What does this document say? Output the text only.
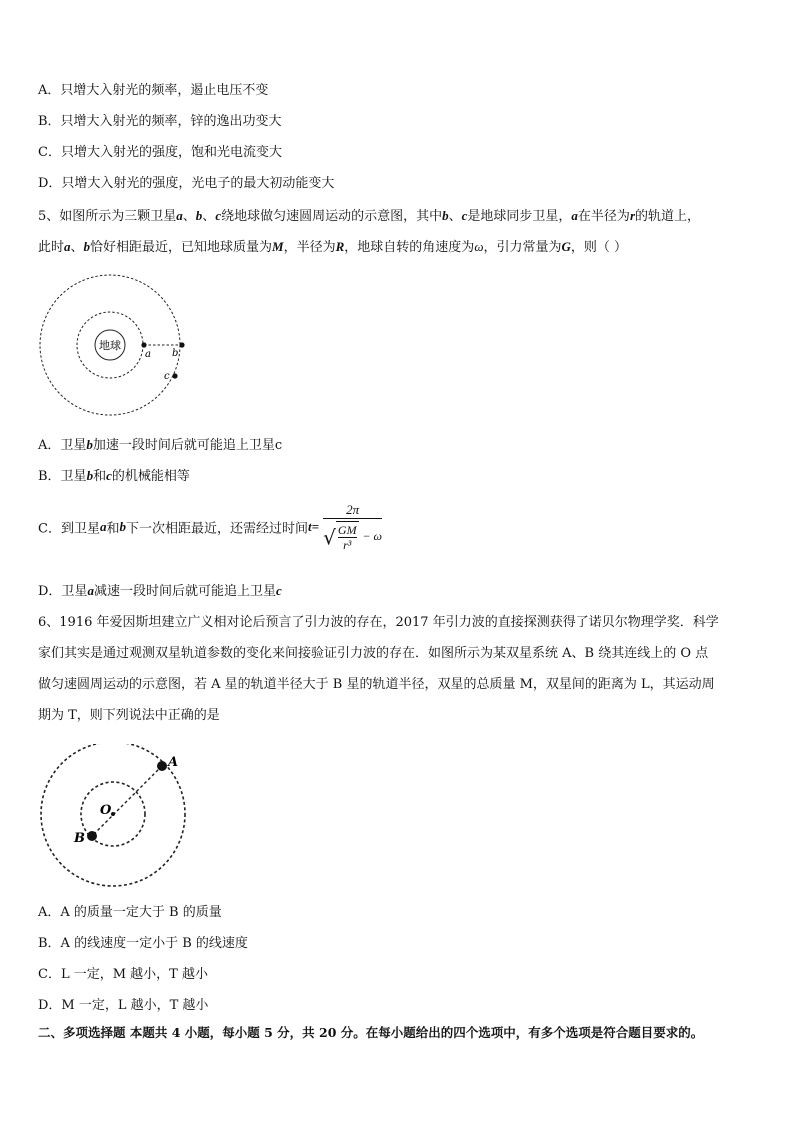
A．只增大入射光的频率，遏止电压不变
B．只增大入射光的频率，锌的逸出功变大
C．只增大入射光的强度，饱和光电流变大
D．只增大入射光的强度，光电子的最大初动能变大
5、如图所示为三颗卫星a、b、c绕地球做匀速圆周运动的示意图，其中b、c是地球同步卫星，a在半径为r的轨道上，
此时a、b恰好相距最近，已知地球质量为M，半径为R，地球自转的角速度为ω，引力常量为G，则（ ）
地球
a b
c
A．卫星b加速一段时间后就可能追上卫星c
B．卫星b和c的机械能相等
C．到卫星a和b下一次相距最近，还需经过时间$t= \frac{2\pi}{√ \frac{GM}{\text{r³}} - \omega}$
D．卫星a减速一段时间后就可能追上卫星c
6、1916 年爱因斯坦建立广义相对论后预言了引力波的存在，2017 年引力波的直接探测获得了诺贝尔物理学奖．科学
家们其实是通过观测双星轨道参数的变化来间接验证引力波的存在．如图所示为某双星系统 A、B 绕其连线上的 O 点
做匀速圆周运动的示意图，若 A 星的轨道半径大于 B 星的轨道半径，双星的总质量 M，双星间的距离为 L，其运动周
期为 T，则下列说法中正确的是
A
O
B
A．A 的质量一定大于 B 的质量
B．A 的线速度一定小于 B 的线速度
C．L 一定，M 越小，T 越小
D．M 一定，L 越小，T 越小
二、多项选择题 本题共 4 小题，每小题 5 分，共 20 分。在每小题给出的四个选项中，有多个选项是符合题目要求的。
